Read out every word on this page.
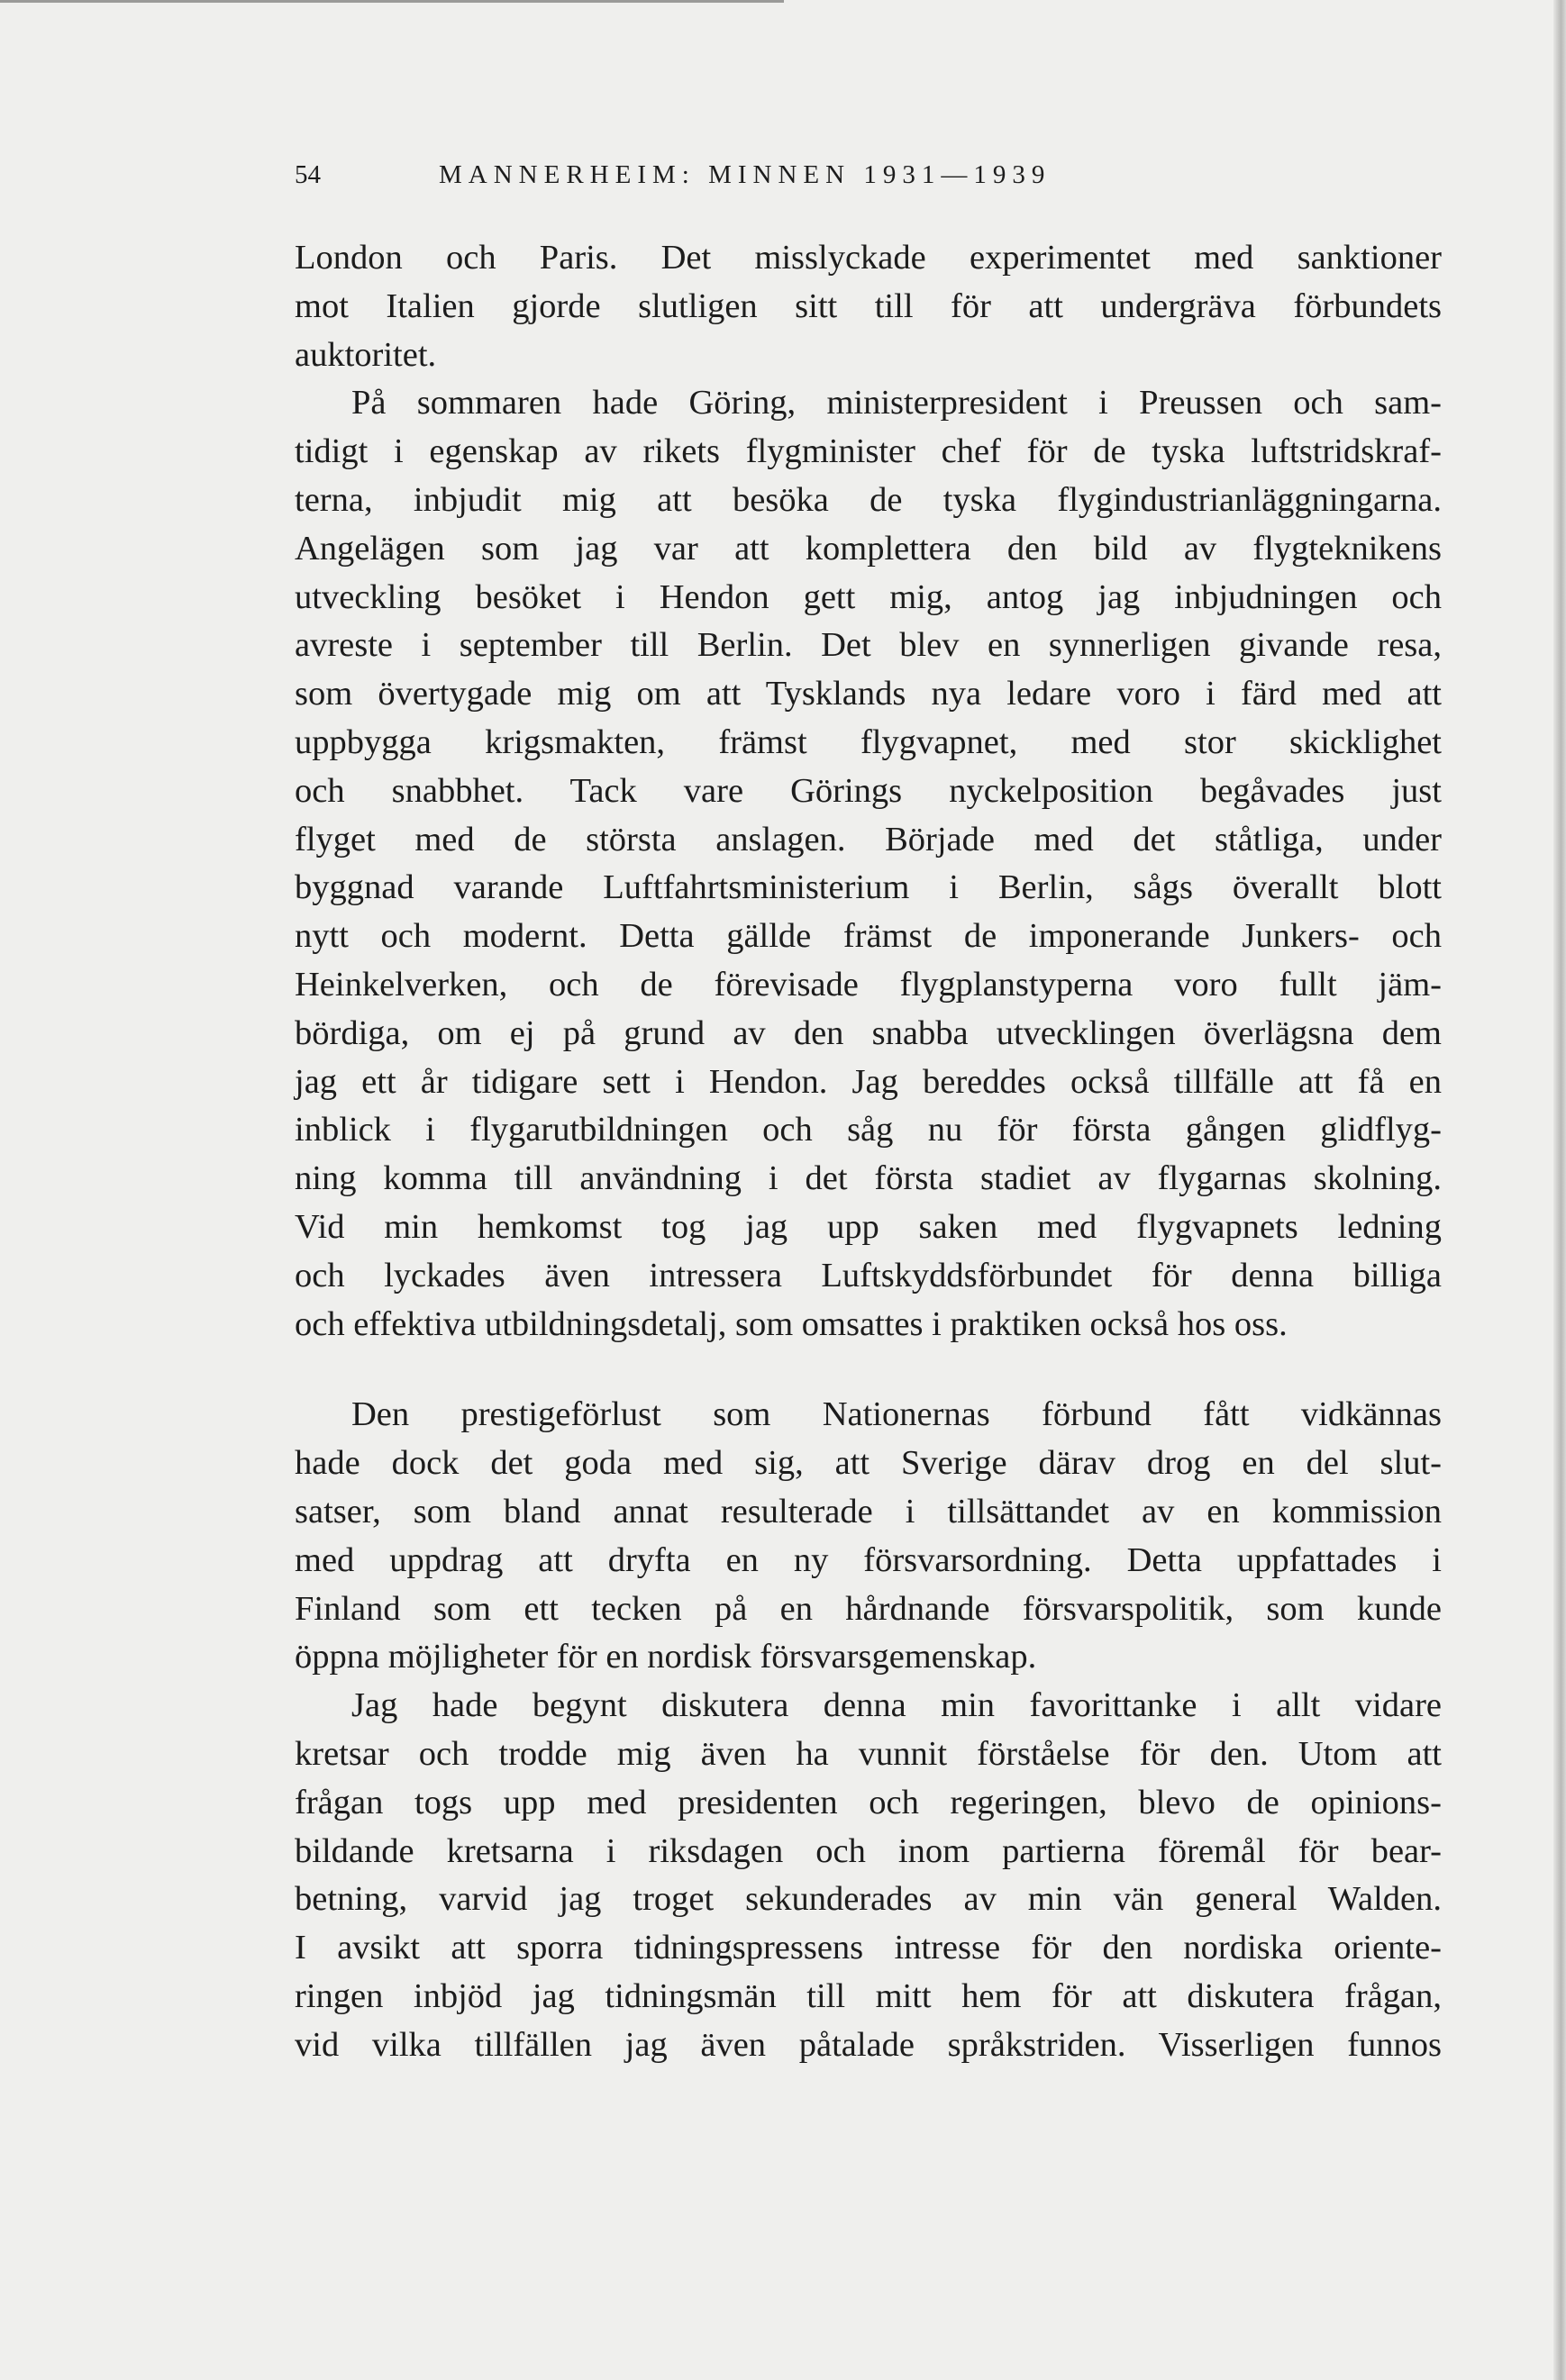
54	MANNERHEIM: MINNEN 1931—1939
London och Paris. Det misslyckade experimentet med sanktioner
mot Italien gjorde slutligen sitt till för att undergräva förbundets
auktoritet.
På sommaren hade Göring, ministerpresident i Preussen och sam-
tidigt i egenskap av rikets flygminister chef för de tyska luftstridskraf-
terna, inbjudit mig att besöka de tyska flygindustrianläggningarna.
Angelägen som jag var att komplettera den bild av flygteknikens
utveckling besöket i Hendon gett mig, antog jag inbjudningen och
avreste i september till Berlin. Det blev en synnerligen givande resa,
som övertygade mig om att Tysklands nya ledare voro i färd med att
uppbygga krigsmakten, främst flygvapnet, med stor skicklighet
och snabbhet. Tack vare Görings nyckelposition begåvades just
flyget med de största anslagen. Började med det ståtliga, under
byggnad varande Luftfahrtsministerium i Berlin, sågs överallt blott
nytt och modernt. Detta gällde främst de imponerande Junkers- och
Heinkelverken, och de förevisade flygplanstyperna voro fullt jäm-
bördiga, om ej på grund av den snabba utvecklingen överlägsna dem
jag ett år tidigare sett i Hendon. Jag bereddes också tillfälle att få en
inblick i flygarutbildningen och såg nu för första gången glidflyg-
ning komma till användning i det första stadiet av flygarnas skolning.
Vid min hemkomst tog jag upp saken med flygvapnets ledning
och lyckades även intressera Luftskyddsförbundet för denna billiga
och effektiva utbildningsdetalj, som omsattes i praktiken också hos oss.
Den prestigeförlust som Nationernas förbund fått vidkännas
hade dock det goda med sig, att Sverige därav drog en del slut-
satser, som bland annat resulterade i tillsättandet av en kommission
med uppdrag att dryfta en ny försvarsordning. Detta uppfattades i
Finland som ett tecken på en hårdnande försvarspolitik, som kunde
öppna möjligheter för en nordisk försvarsgemenskap.
Jag hade begynt diskutera denna min favorittanke i allt vidare
kretsar och trodde mig även ha vunnit förståelse för den. Utom att
frågan togs upp med presidenten och regeringen, blevo de opinions-
bildande kretsarna i riksdagen och inom partierna föremål för bear-
betning, varvid jag troget sekunderades av min vän general Walden.
I avsikt att sporra tidningspressens intresse för den nordiska oriente-
ringen inbjöd jag tidningsmän till mitt hem för att diskutera frågan,
vid vilka tillfällen jag även påtalade språkstriden. Visserligen funnos
